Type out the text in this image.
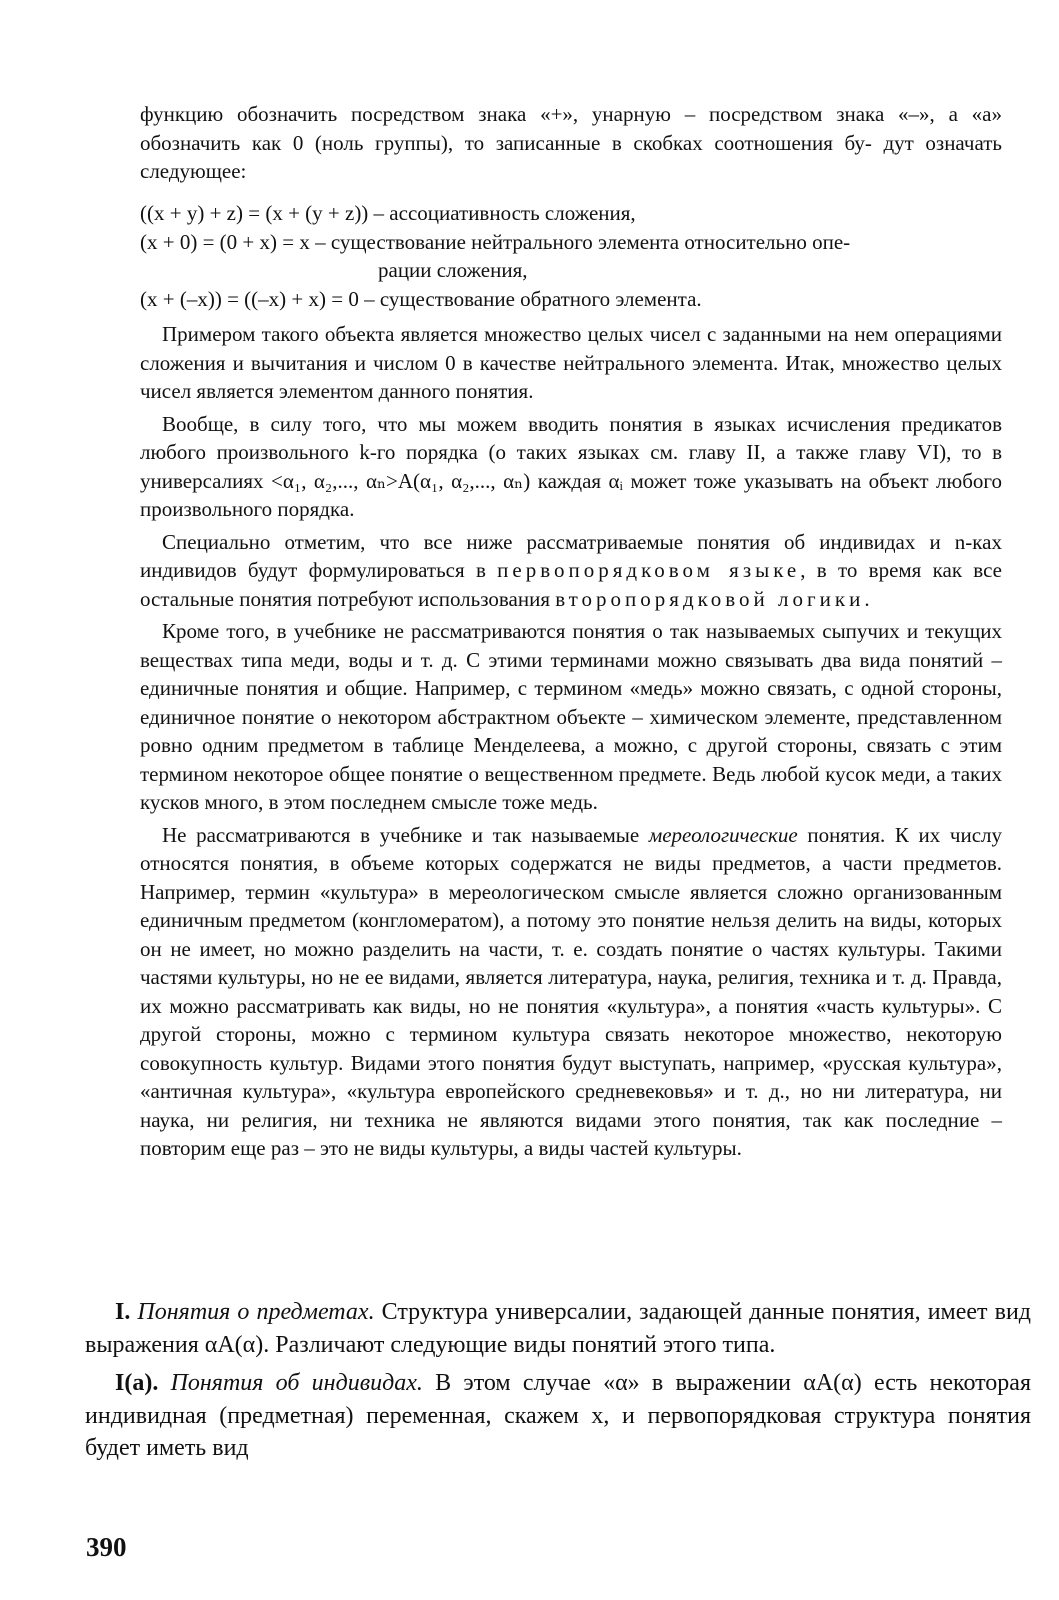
функцию обозначить посредством знака «+», унарную – посредством знака «–», а «a» обозначить как 0 (ноль группы), то записанные в скобках соотношения бу- дут означать следующее:

((x + y) + z) = (x + (y + z)) – ассоциативность сложения,

(x + 0) = (0 + x) = x – существование нейтрального элемента относительно опе-
рации сложения,

(x + (–x)) = ((–x) + x) = 0 – существование обратного элемента.

Примером такого объекта является множество целых чисел с заданными на нем операциями сложения и вычитания и числом 0 в качестве нейтрального элемента. Итак, множество целых чисел является элементом данного понятия.

Вообще, в силу того, что мы можем вводить понятия в языках исчисления предикатов любого произвольного k-го порядка (о таких языках см. главу II, а также главу VI), то в универсалиях <α₁, α₂,..., αₙ>A(α₁, α₂,..., αₙ) каждая αᵢ может тоже указывать на объект любого произвольного порядка.

Специально отметим, что все ниже рассматриваемые понятия об индивидах и n-ках индивидов будут формулироваться в первопорядковом языке, в то время как все остальные понятия потребуют использования второпорядковой логики.

Кроме того, в учебнике не рассматриваются понятия о так называемых сыпучих и текущих веществах типа меди, воды и т. д. С этими терминами можно связывать два вида понятий – единичные понятия и общие. Например, с термином «медь» можно связать, с одной стороны, единичное понятие о некотором абстрактном объекте – химическом элементе, представленном ровно одним предметом в таблице Менделеева, а можно, с другой стороны, связать с этим термином некоторое общее понятие о вещественном предмете. Ведь любой кусок меди, а таких кусков много, в этом последнем смысле тоже медь.

Не рассматриваются в учебнике и так называемые мереологические понятия. К их числу относятся понятия, в объеме которых содержатся не виды предметов, а части предметов. Например, термин «культура» в мереологическом смысле является сложно организованным единичным предметом (конгломератом), а потому это понятие нельзя делить на виды, которых он не имеет, но можно разделить на части, т. е. создать понятие о частях культуры. Такими частями культуры, но не ее видами, является литература, наука, религия, техника и т. д. Правда, их можно рассматривать как виды, но не понятия «культура», а понятия «часть культуры». С другой стороны, можно с термином культура связать некоторое множество, некоторую совокупность культур. Видами этого понятия будут выступать, например, «русская культура», «античная культура», «культура европейского средневековья» и т. д., но ни литература, ни наука, ни религия, ни техника не являются видами этого понятия, так как последние – повторим еще раз – это не виды культуры, а виды частей культуры.

I. Понятия о предметах. Структура универсалии, задающей данные понятия, имеет вид выражения αA(α). Различают следующие виды понятий этого типа.

I(a). Понятия об индивидах. В этом случае «α» в выражении αA(α) есть некоторая индивидная (предметная) переменная, скажем x, и первопорядковая структура понятия будет иметь вид

390
